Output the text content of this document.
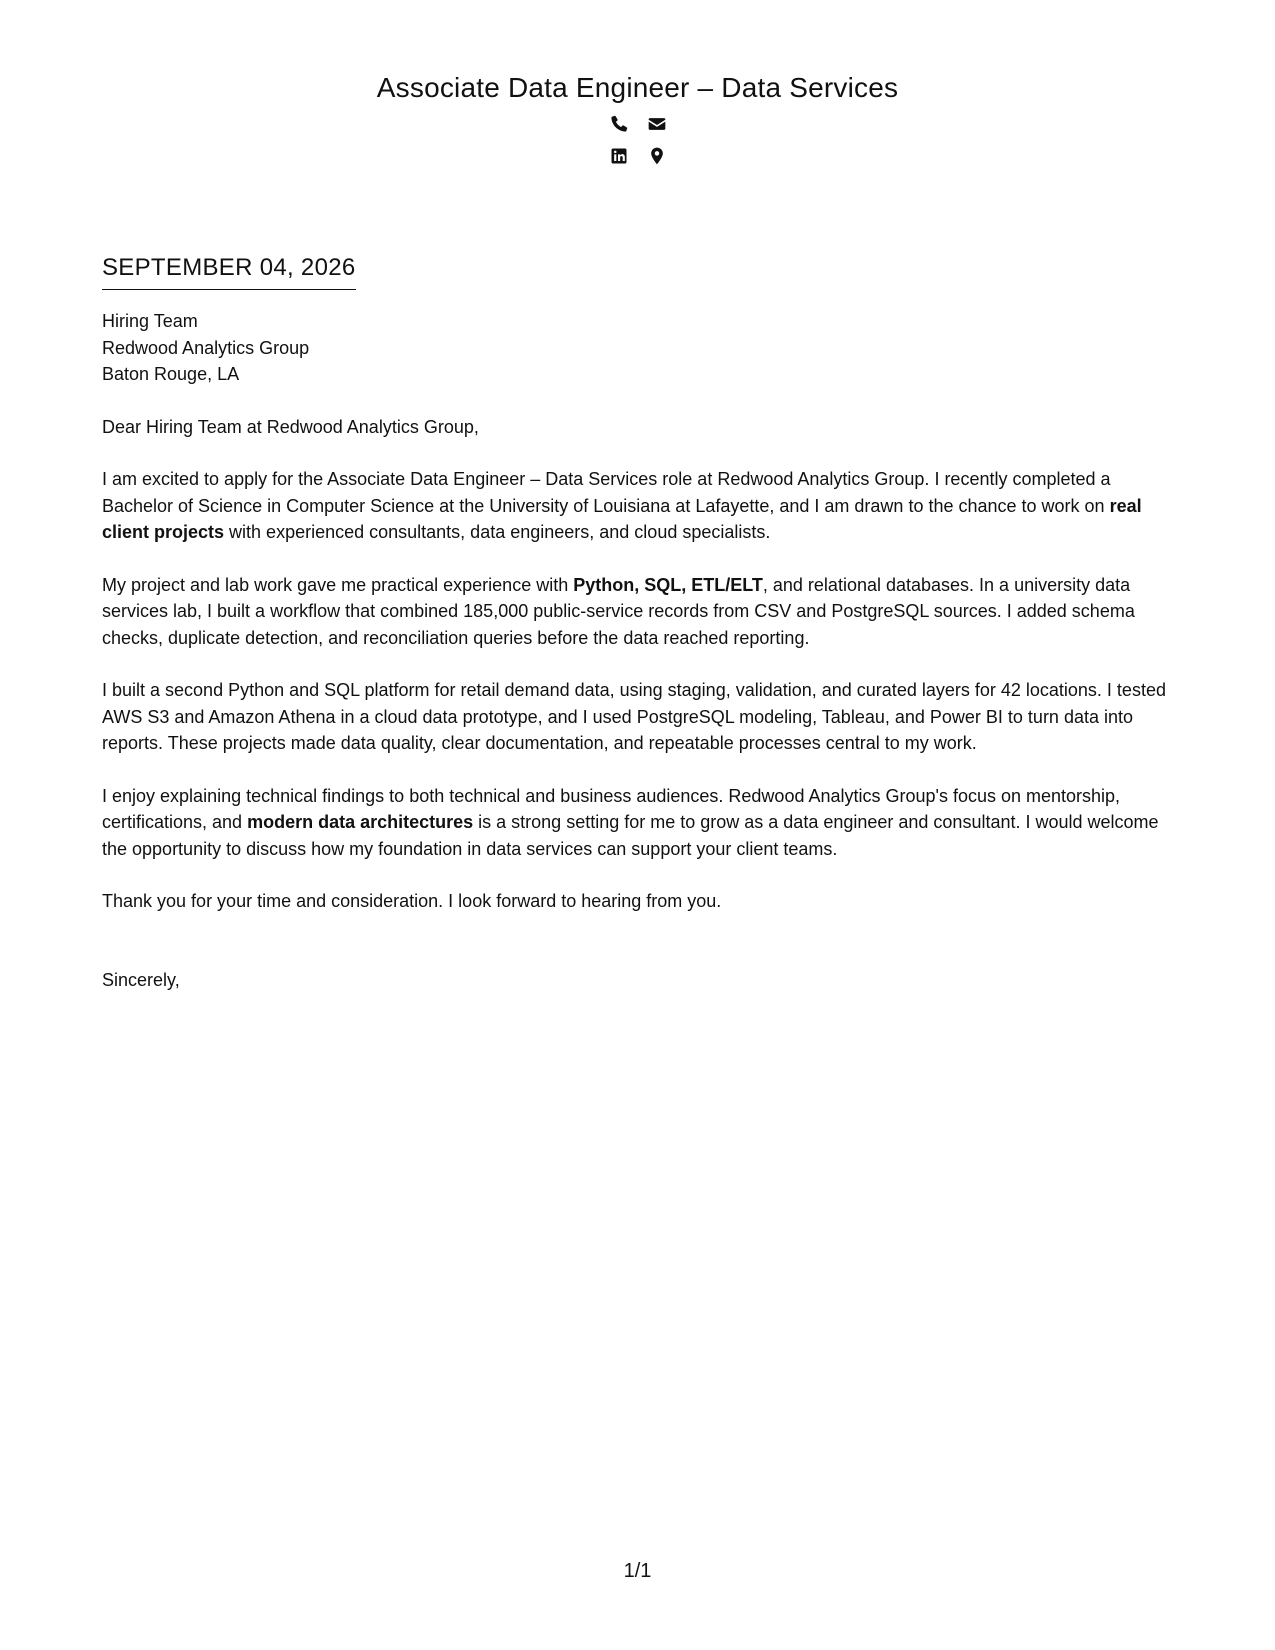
Associate Data Engineer – Data Services
SEPTEMBER 04, 2026
Hiring Team
Redwood Analytics Group
Baton Rouge, LA

Dear Hiring Team at Redwood Analytics Group,

I am excited to apply for the Associate Data Engineer – Data Services role at Redwood Analytics Group. I recently completed a Bachelor of Science in Computer Science at the University of Louisiana at Lafayette, and I am drawn to the chance to work on real client projects with experienced consultants, data engineers, and cloud specialists.

My project and lab work gave me practical experience with Python, SQL, ETL/ELT, and relational databases. In a university data services lab, I built a workflow that combined 185,000 public-service records from CSV and PostgreSQL sources. I added schema checks, duplicate detection, and reconciliation queries before the data reached reporting.

I built a second Python and SQL platform for retail demand data, using staging, validation, and curated layers for 42 locations. I tested AWS S3 and Amazon Athena in a cloud data prototype, and I used PostgreSQL modeling, Tableau, and Power BI to turn data into reports. These projects made data quality, clear documentation, and repeatable processes central to my work.

I enjoy explaining technical findings to both technical and business audiences. Redwood Analytics Group's focus on mentorship, certifications, and modern data architectures is a strong setting for me to grow as a data engineer and consultant. I would welcome the opportunity to discuss how my foundation in data services can support your client teams.

Thank you for your time and consideration. I look forward to hearing from you.

Sincerely,

1/1
